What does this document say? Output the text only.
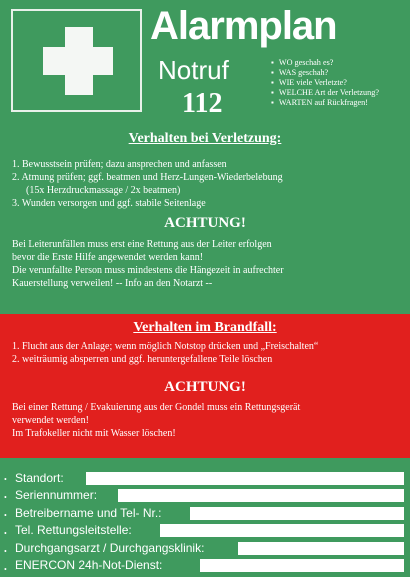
Alarmplan
Notruf
112
▪ WO geschah es?
▪ WAS geschah?
▪ WIE viele Verletzte?
▪ WELCHE Art der Verletzung?
▪ WARTEN auf Rückfragen!
Verhalten bei Verletzung:
1. Bewusstsein prüfen; dazu ansprechen und anfassen
2. Atmung prüfen; ggf. beatmen und Herz-Lungen-Wiederbelebung
(15x Herzdruckmassage / 2x beatmen)
3. Wunden versorgen und ggf. stabile Seitenlage
ACHTUNG!
Bei Leiterunfällen muss erst eine Rettung aus der Leiter erfolgen
bevor die Erste Hilfe angewendet werden kann!
Die verunfallte Person muss mindestens die Hängezeit in aufrechter
Kauerstellung verweilen! -- Info an den Notarzt --
Verhalten im Brandfall:
1. Flucht aus der Anlage; wenn möglich Notstop drücken und „Freischalten“
2. weiträumig absperren und ggf. heruntergefallene Teile löschen
ACHTUNG!
Bei einer Rettung / Evakuierung aus der Gondel muss ein Rettungsgerät
verwendet werden!
Im Trafokeller nicht mit Wasser löschen!
• Standort:
• Seriennummer:
• Betreibername und Tel- Nr.:
• Tel. Rettungsleitstelle:
• Durchgangsarzt / Durchgangsklinik:
• ENERCON 24h-Not-Dienst:
